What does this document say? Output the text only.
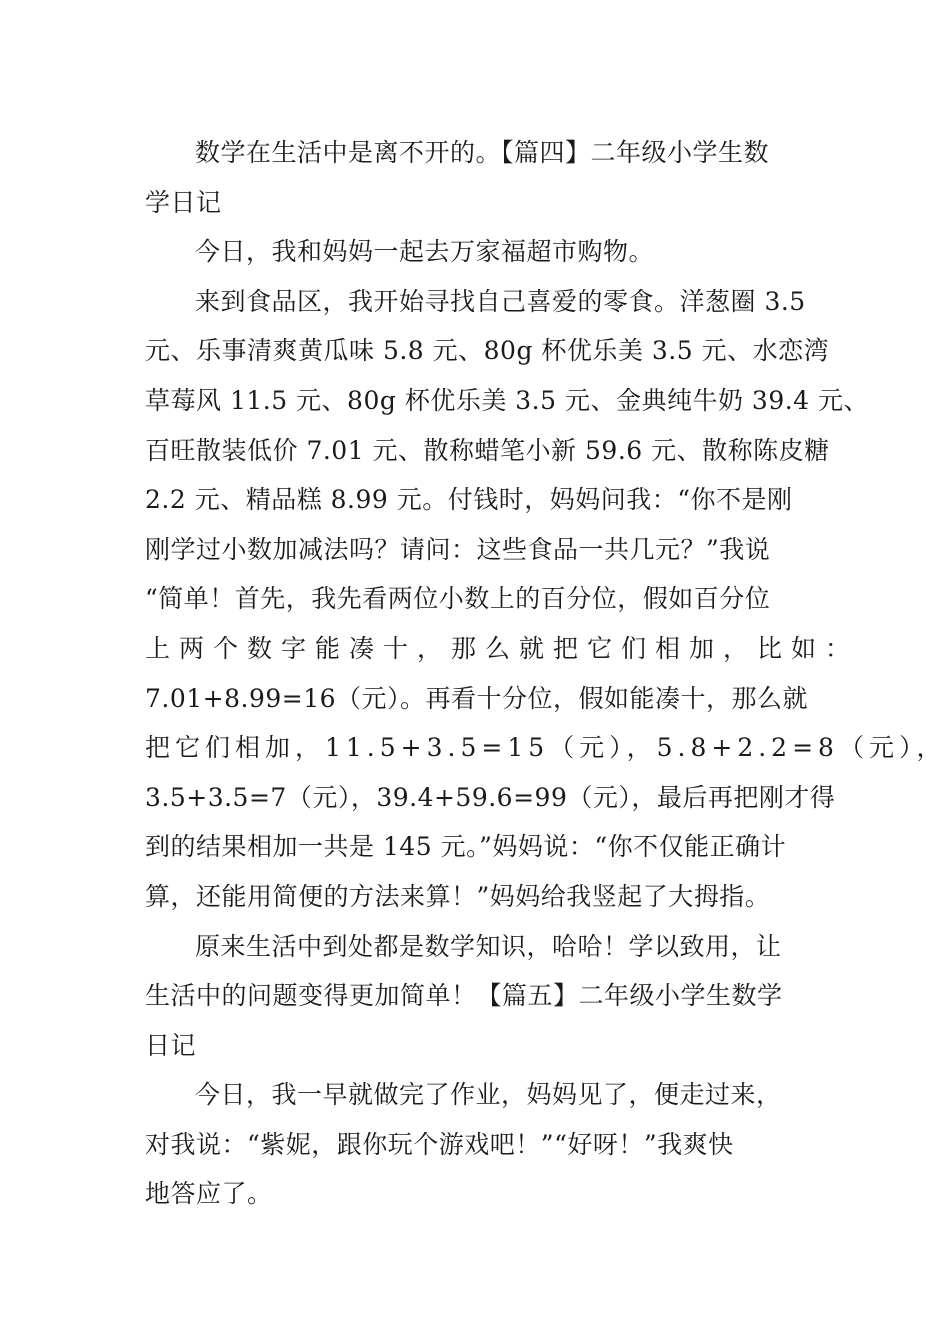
数学在生活中是离不开的。【篇四】二年级小学生数
学日记
今日，我和妈妈一起去万家福超市购物。
来到食品区，我开始寻找自己喜爱的零食。洋葱圈 3.5
元、乐事清爽黄瓜味 5.8 元、80g 杯优乐美 3.5 元、水恋湾
草莓风 11.5 元、80g 杯优乐美 3.5 元、金典纯牛奶 39.4 元、
百旺散装低价 7.01 元、散称蜡笔小新 59.6 元、散称陈皮糖
2.2 元、精品糕 8.99 元。付钱时，妈妈问我：“你不是刚
刚学过小数加减法吗？请问：这些食品一共几元？”我说
“简单！首先，我先看两位小数上的百分位，假如百分位
上两个数字能凑十，那么就把它们相加，比如：
7.01+8.99=16（元）。再看十分位，假如能凑十，那么就
把它们相加，11.5+3.5=15（元），5.8+2.2=8（元），
3.5+3.5=7（元），39.4+59.6=99（元），最后再把刚才得
到的结果相加一共是 145 元。”妈妈说：“你不仅能正确计
算，还能用简便的方法来算！”妈妈给我竖起了大拇指。
原来生活中到处都是数学知识，哈哈！学以致用，让
生活中的问题变得更加简单！【篇五】二年级小学生数学
日记
今日，我一早就做完了作业，妈妈见了，便走过来，
对我说：“紫妮，跟你玩个游戏吧！”“好呀！”我爽快
地答应了。
